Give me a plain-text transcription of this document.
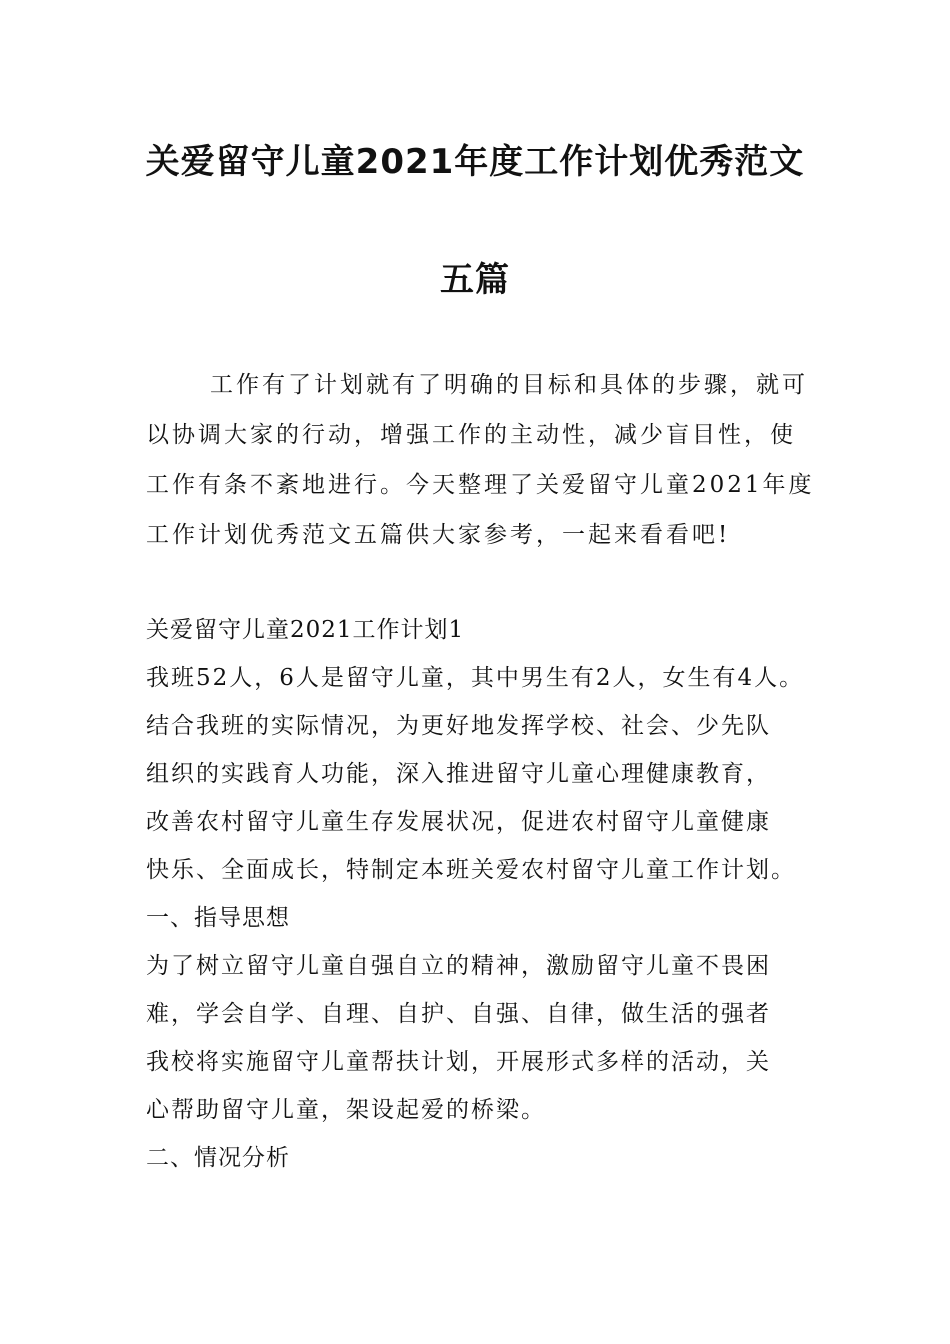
关爱留守儿童2021年度工作计划优秀范文
五篇

工作有了计划就有了明确的目标和具体的步骤，就可以协调大家的行动，增强工作的主动性，减少盲目性，使工作有条不紊地进行。今天整理了关爱留守儿童2021年度工作计划优秀范文五篇供大家参考，一起来看看吧!

关爱留守儿童2021工作计划1

我班52人，6人是留守儿童，其中男生有2人，女生有4人。

结合我班的实际情况，为更好地发挥学校、社会、少先队

组织的实践育人功能，深入推进留守儿童心理健康教育，

改善农村留守儿童生存发展状况，促进农村留守儿童健康

快乐、全面成长，特制定本班关爱农村留守儿童工作计划。

一、指导思想

为了树立留守儿童自强自立的精神，激励留守儿童不畏困

难，学会自学、自理、自护、自强、自律，做生活的强者

我校将实施留守儿童帮扶计划，开展形式多样的活动，关

心帮助留守儿童，架设起爱的桥梁。

二、情况分析
